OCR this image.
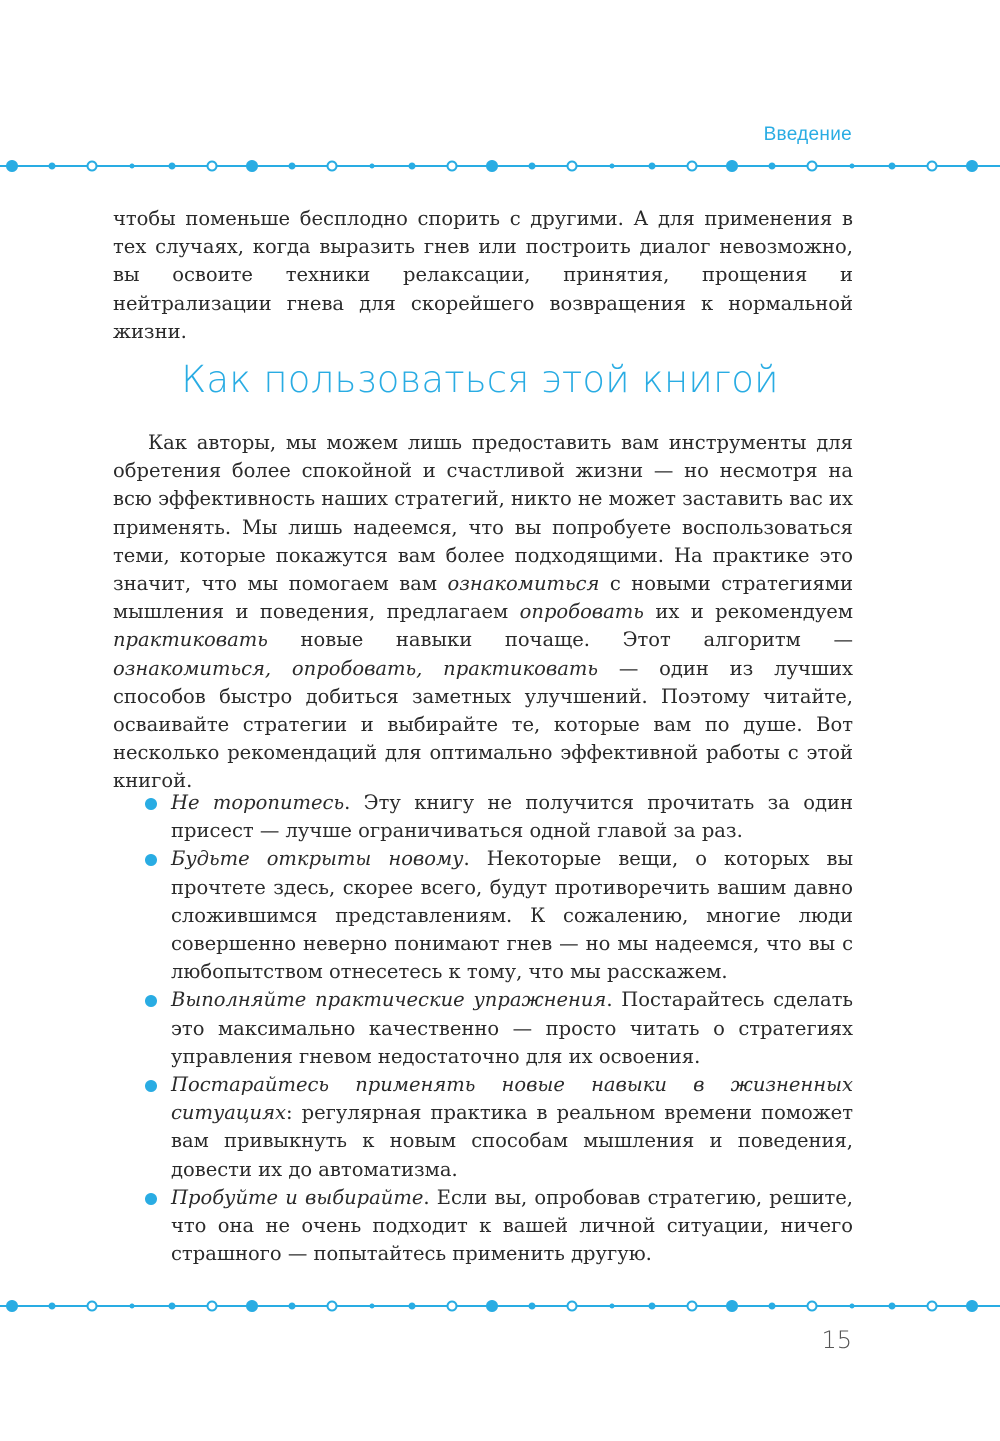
Введение

чтобы поменьше бесплодно спорить с другими. А для применения в тех случаях, когда выразить гнев или построить диалог невозможно, вы освоите техники релаксации, принятия, прощения и нейтрализации гнева для скорейшего возвращения к нормальной жизни.

Как пользоваться этой книгой

Как авторы, мы можем лишь предоставить вам инструменты для обретения более спокойной и счастливой жизни — но несмотря на всю эффективность наших стратегий, никто не может заставить вас их применять. Мы лишь надеемся, что вы попробуете воспользоваться теми, которые покажутся вам более подходящими. На практике это значит, что мы помогаем вам ознакомиться с новыми стратегиями мышления и поведения, предлагаем опробовать их и рекомендуем практиковать новые навыки почаще. Этот алгоритм — ознакомиться, опробовать, практиковать — один из лучших способов быстро добиться заметных улучшений. Поэтому читайте, осваивайте стратегии и выбирайте те, которые вам по душе. Вот несколько рекомендаций для оптимально эффективной работы с этой книгой.

Не торопитесь. Эту книгу не получится прочитать за один присест — лучше ограничиваться одной главой за раз.
Будьте открыты новому. Некоторые вещи, о которых вы прочтете здесь, скорее всего, будут противоречить вашим давно сложившимся представлениям. К сожалению, многие люди совершенно неверно понимают гнев — но мы надеемся, что вы с любопытством отнесетесь к тому, что мы расскажем.
Выполняйте практические упражнения. Постарайтесь сделать это максимально качественно — просто читать о стратегиях управления гневом недостаточно для их освоения.
Постарайтесь применять новые навыки в жизненных ситуациях: регулярная практика в реальном времени поможет вам привыкнуть к новым способам мышления и поведения, довести их до автоматизма.
Пробуйте и выбирайте. Если вы, опробовав стратегию, решите, что она не очень подходит к вашей личной ситуации, ничего страшного — попытайтесь применить другую.
15
